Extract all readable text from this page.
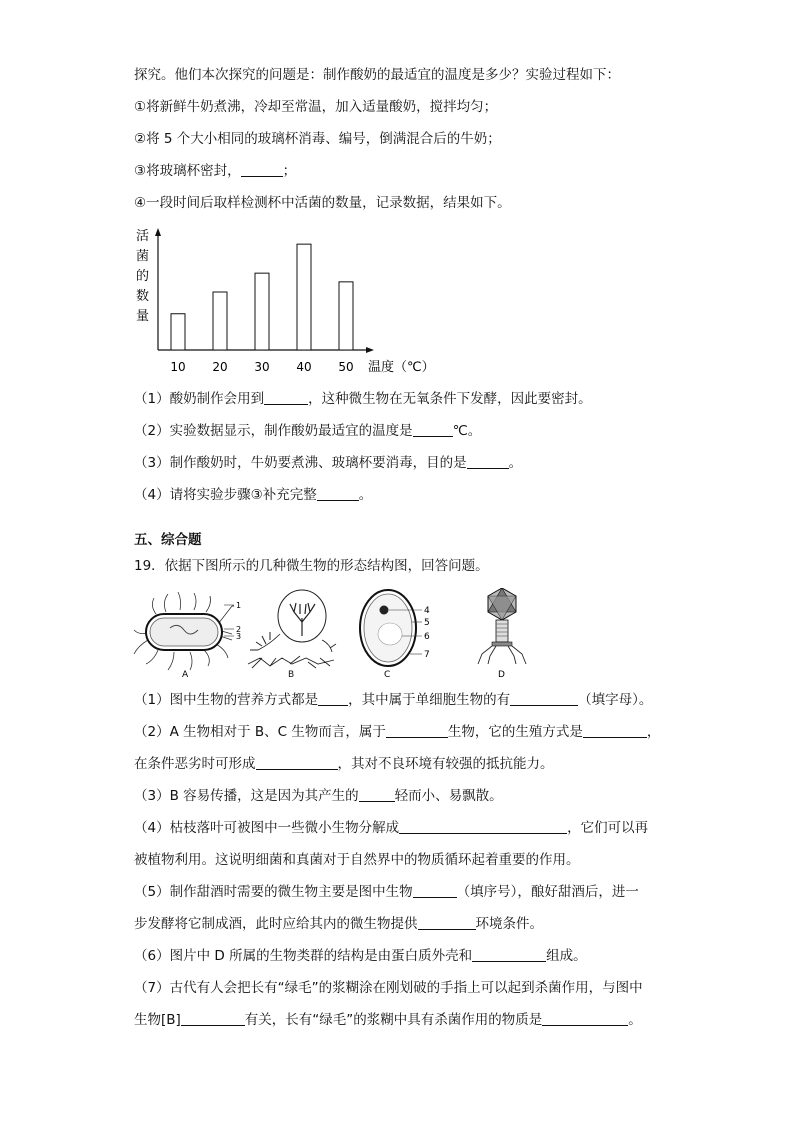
探究。他们本次探究的问题是：制作酸奶的最适宜的温度是多少？实验过程如下：
①将新鲜牛奶煮沸，冷却至常温，加入适量酸奶，搅拌均匀；
②将 5 个大小相同的玻璃杯消毒、编号，倒满混合后的牛奶；
③将玻璃杯密封，	；
④一段时间后取样检测杯中活菌的数量，记录数据，结果如下。
活
菌
的
数
量
10 20 30 40 50 温度（℃）
（1）酸奶制作会用到	，这种微生物在无氧条件下发酵，因此要密封。
（2）实验数据显示，制作酸奶最适宜的温度是	℃。
（3）制作酸奶时，牛奶要煮沸、玻璃杯要消毒，目的是	。
（4）请将实验步骤③补充完整	。
五、综合题
19．依据下图所示的几种微生物的形态结构图，回答问题。
1
2
3
A	B
4
5
6
7
C	D
（1）图中生物的营养方式都是 ，其中属于单细胞生物的有	（填字母）。
（2）A 生物相对于 B、C 生物而言，属于	生物，它的生殖方式是	，
在条件恶劣时可形成	，其对不良环境有较强的抵抗能力。
（3）B 容易传播，这是因为其产生的	轻而小、易飘散。
（4）枯枝落叶可被图中一些微小生物分解成	，它们可以再
被植物利用。这说明细菌和真菌对于自然界中的物质循环起着重要的作用。
（5）制作甜酒时需要的微生物主要是图中生物	（填序号），酿好甜酒后，进一
步发酵将它制成酒，此时应给其内的微生物提供	环境条件。
（6）图片中 D 所属的生物类群的结构是由蛋白质外壳和	组成。
（7）古代有人会把长有“绿毛”的浆糊涂在刚划破的手指上可以起到杀菌作用，与图中
生物[B]	有关，长有“绿毛”的浆糊中具有杀菌作用的物质是	。
